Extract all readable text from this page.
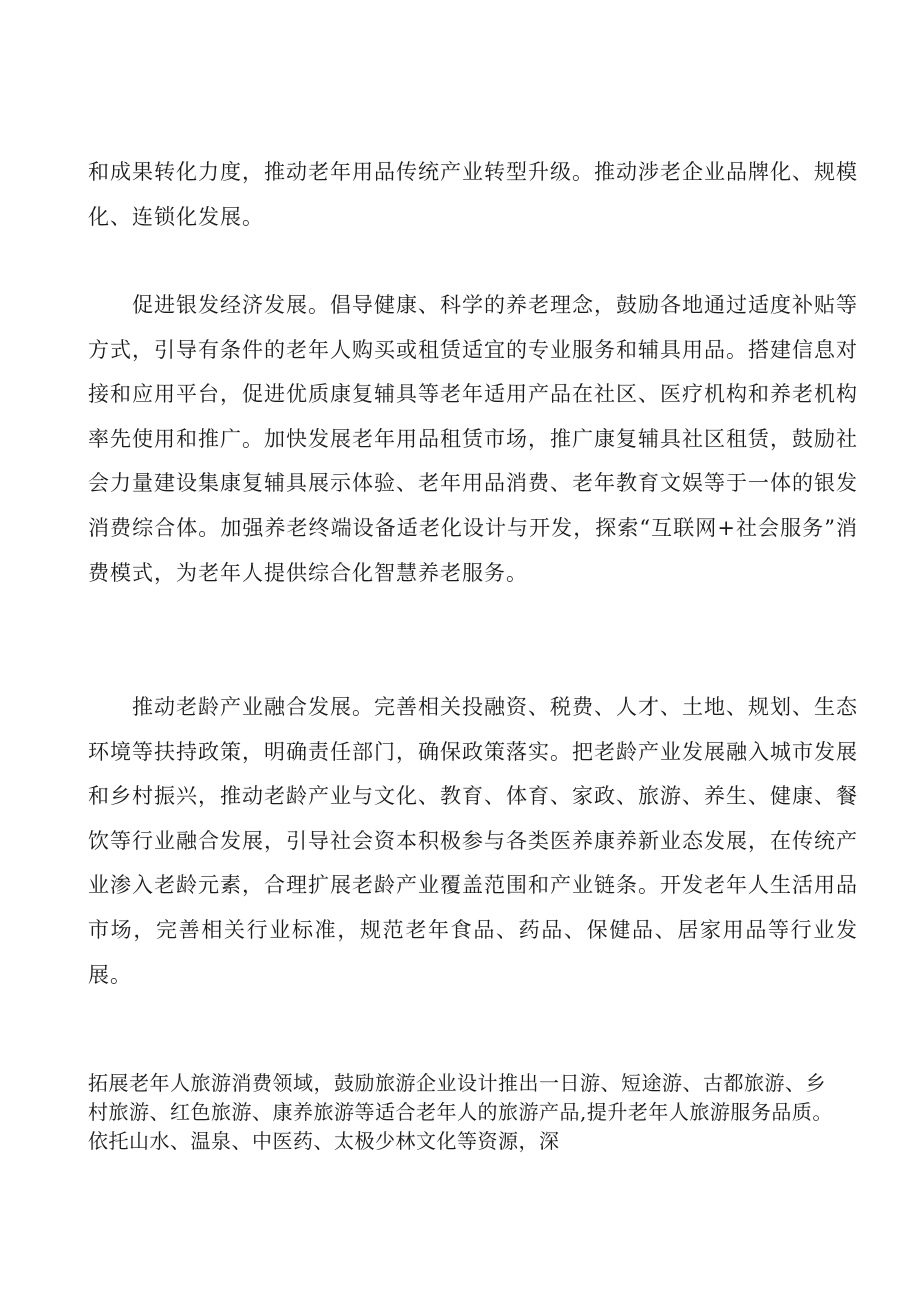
和成果转化力度，推动老年用品传统产业转型升级。推动涉老企业品牌化、规模化、连锁化发展。

促进银发经济发展。倡导健康、科学的养老理念，鼓励各地通过适度补贴等方式，引导有条件的老年人购买或租赁适宜的专业服务和辅具用品。搭建信息对接和应用平台，促进优质康复辅具等老年适用产品在社区、医疗机构和养老机构率先使用和推广。加快发展老年用品租赁市场，推广康复辅具社区租赁，鼓励社会力量建设集康复辅具展示体验、老年用品消费、老年教育文娱等于一体的银发消费综合体。加强养老终端设备适老化设计与开发，探索“互联网+社会服务”消费模式，为老年人提供综合化智慧养老服务。

推动老龄产业融合发展。完善相关投融资、税费、人才、土地、规划、生态环境等扶持政策，明确责任部门，确保政策落实。把老龄产业发展融入城市发展和乡村振兴，推动老龄产业与文化、教育、体育、家政、旅游、养生、健康、餐饮等行业融合发展，引导社会资本积极参与各类医养康养新业态发展，在传统产业渗入老龄元素，合理扩展老龄产业覆盖范围和产业链条。开发老年人生活用品市场，完善相关行业标准，规范老年食品、药品、保健品、居家用品等行业发展。

拓展老年人旅游消费领域，鼓励旅游企业设计推出一日游、短途游、古都旅游、乡村旅游、红色旅游、康养旅游等适合老年人的旅游产品,提升老年人旅游服务品质。依托山水、温泉、中医药、太极少林文化等资源，深
